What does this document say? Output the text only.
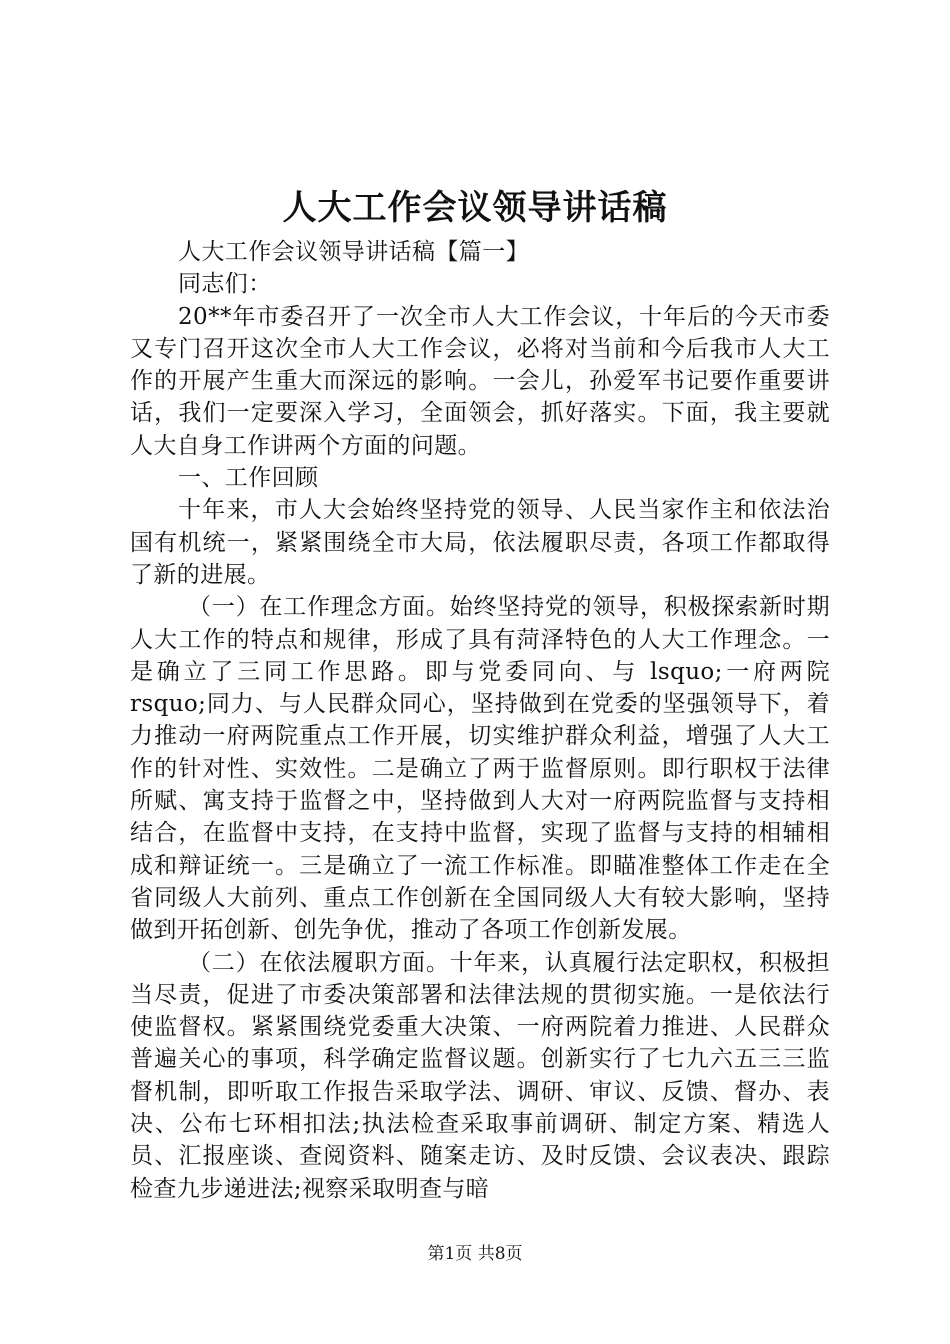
人大工作会议领导讲话稿

人大工作会议领导讲话稿【篇一】

同志们：

20**年市委召开了一次全市人大工作会议，十年后的今天市委又专门召开这次全市人大工作会议，必将对当前和今后我市人大工作的开展产生重大而深远的影响。一会儿，孙爱军书记要作重要讲话，我们一定要深入学习，全面领会，抓好落实。下面，我主要就人大自身工作讲两个方面的问题。

一、工作回顾

十年来，市人大会始终坚持党的领导、人民当家作主和依法治国有机统一，紧紧围绕全市大局，依法履职尽责，各项工作都取得了新的进展。

（一）在工作理念方面。始终坚持党的领导，积极探索新时期人大工作的特点和规律，形成了具有菏泽特色的人大工作理念。一是确立了三同工作思路。即与党委同向、与 lsquo;一府两院 rsquo;同力、与人民群众同心，坚持做到在党委的坚强领导下，着力推动一府两院重点工作开展，切实维护群众利益，增强了人大工作的针对性、实效性。二是确立了两于监督原则。即行职权于法律所赋、寓支持于监督之中，坚持做到人大对一府两院监督与支持相结合，在监督中支持，在支持中监督，实现了监督与支持的相辅相成和辩证统一。三是确立了一流工作标准。即瞄准整体工作走在全省同级人大前列、重点工作创新在全国同级人大有较大影响，坚持做到开拓创新、创先争优，推动了各项工作创新发展。

（二）在依法履职方面。十年来，认真履行法定职权，积极担当尽责，促进了市委决策部署和法律法规的贯彻实施。一是依法行使监督权。紧紧围绕党委重大决策、一府两院着力推进、人民群众普遍关心的事项，科学确定监督议题。创新实行了七九六五三三监督机制，即听取工作报告采取学法、调研、审议、反馈、督办、表决、公布七环相扣法;执法检查采取事前调研、制定方案、精选人员、汇报座谈、查阅资料、随案走访、及时反馈、会议表决、跟踪检查九步递进法;视察采取明查与暗

第1页 共8页
